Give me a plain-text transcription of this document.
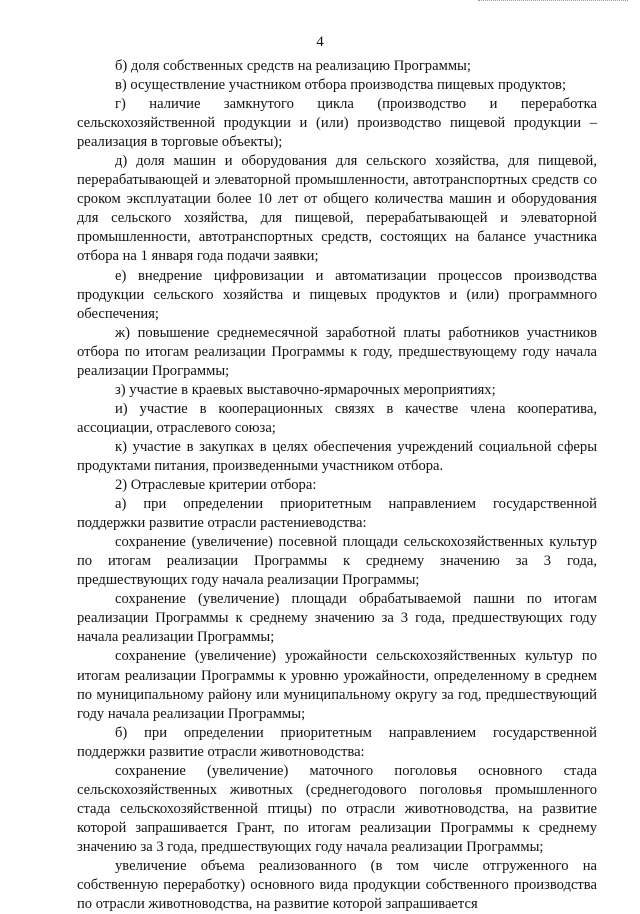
4

б) доля собственных средств на реализацию Программы;

в) осуществление участником отбора производства пищевых продуктов;

г) наличие замкнутого цикла (производство и переработка сельскохозяйственной продукции и (или) производство пищевой продукции – реализация в торговые объекты);

д) доля машин и оборудования для сельского хозяйства, для пищевой, перерабатывающей и элеваторной промышленности, автотранспортных средств со сроком эксплуатации более 10 лет от общего количества машин и оборудования для сельского хозяйства, для пищевой, перерабатывающей и элеваторной промышленности, автотранспортных средств, состоящих на балансе участника отбора на 1 января года подачи заявки;

е) внедрение цифровизации и автоматизации процессов производства продукции сельского хозяйства и пищевых продуктов и (или) программного обеспечения;

ж) повышение среднемесячной заработной платы работников участников отбора по итогам реализации Программы к году, предшествующему году начала реализации Программы;

з) участие в краевых выставочно-ярмарочных мероприятиях;

и) участие в кооперационных связях в качестве члена кооператива, ассоциации, отраслевого союза;

к) участие в закупках в целях обеспечения учреждений социальной сферы продуктами питания, произведенными участником отбора.

2) Отраслевые критерии отбора:

а) при определении приоритетным направлением государственной поддержки развитие отрасли растениеводства:

сохранение (увеличение) посевной площади сельскохозяйственных культур по итогам реализации Программы к среднему значению за 3 года, предшествующих году начала реализации Программы;

сохранение (увеличение) площади обрабатываемой пашни по итогам реализации Программы к среднему значению за 3 года, предшествующих году начала реализации Программы;

сохранение (увеличение) урожайности сельскохозяйственных культур по итогам реализации Программы к уровню урожайности, определенному в среднем по муниципальному району или муниципальному округу за год, предшествующий году начала реализации Программы;

б) при определении приоритетным направлением государственной поддержки развитие отрасли животноводства:

сохранение (увеличение) маточного поголовья основного стада сельскохозяйственных животных (среднегодового поголовья промышленного стада сельскохозяйственной птицы) по отрасли животноводства, на развитие которой запрашивается Грант, по итогам реализации Программы к среднему значению за 3 года, предшествующих году начала реализации Программы;

увеличение объема реализованного (в том числе отгруженного на собственную переработку) основного вида продукции собственного производства по отрасли животноводства, на развитие которой запрашивается
